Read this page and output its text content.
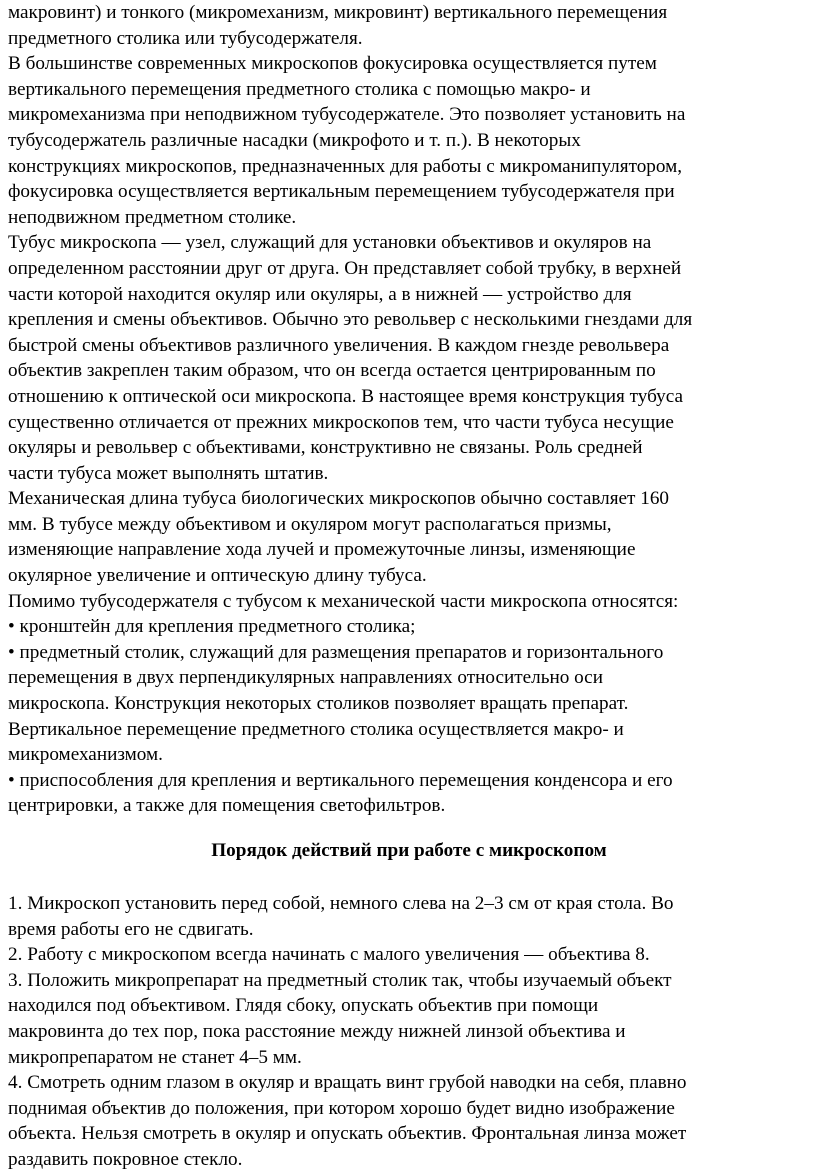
макровинт) и тонкого (микромеханизм, микровинт) вертикального перемещения
предметного столика или тубусодержателя.

В большинстве современных микроскопов фокусировка осуществляется путем
вертикального перемещения предметного столика с помощью макро- и
микромеханизма при неподвижном тубусодержателе. Это позволяет установить на
тубусодержатель различные насадки (микрофото и т. п.). В некоторых
конструкциях микроскопов, предназначенных для работы с микроманипулятором,
фокусировка осуществляется вертикальным перемещением тубусодержателя при
неподвижном предметном столике.

Тубус микроскопа — узел, служащий для установки объективов и окуляров на
определенном расстоянии друг от друга. Он представляет собой трубку, в верхней
части которой находится окуляр или окуляры, а в нижней — устройство для
крепления и смены объективов. Обычно это револьвер с несколькими гнездами для
быстрой смены объективов различного увеличения. В каждом гнезде револьвера
объектив закреплен таким образом, что он всегда остается центрированным по
отношению к оптической оси микроскопа. В настоящее время конструкция тубуса
существенно отличается от прежних микроскопов тем, что части тубуса несущие
окуляры и револьвер с объективами, конструктивно не связаны. Роль средней
части тубуса может выполнять штатив.

Механическая длина тубуса биологических микроскопов обычно составляет 160
мм. В тубусе между объективом и окуляром могут располагаться призмы,
изменяющие направление хода лучей и промежуточные линзы, изменяющие
окулярное увеличение и оптическую длину тубуса.

Помимо тубусодержателя с тубусом к механической части микроскопа относятся:

• кронштейн для крепления предметного столика;

• предметный столик, служащий для размещения препаратов и горизонтального
перемещения в двух перпендикулярных направлениях относительно оси
микроскопа. Конструкция некоторых столиков позволяет вращать препарат.
Вертикальное перемещение предметного столика осуществляется макро- и
микромеханизмом.

• приспособления для крепления и вертикального перемещения конденсора и его
центрировки, а также для помещения светофильтров.

Порядок действий при работе с микроскопом

1. Микроскоп установить перед собой, немного слева на 2–3 см от края стола. Во
время работы его не сдвигать.

2. Работу с микроскопом всегда начинать с малого увеличения — объектива 8.

3. Положить микропрепарат на предметный столик так, чтобы изучаемый объект
находился под объективом. Глядя сбоку, опускать объектив при помощи
макровинта до тех пор, пока расстояние между нижней линзой объектива и
микропрепаратом не станет 4–5 мм.

4. Смотреть одним глазом в окуляр и вращать винт грубой наводки на себя, плавно
поднимая объектив до положения, при котором хорошо будет видно изображение
объекта. Нельзя смотреть в окуляр и опускать объектив. Фронтальная линза может
раздавить покровное стекло.
